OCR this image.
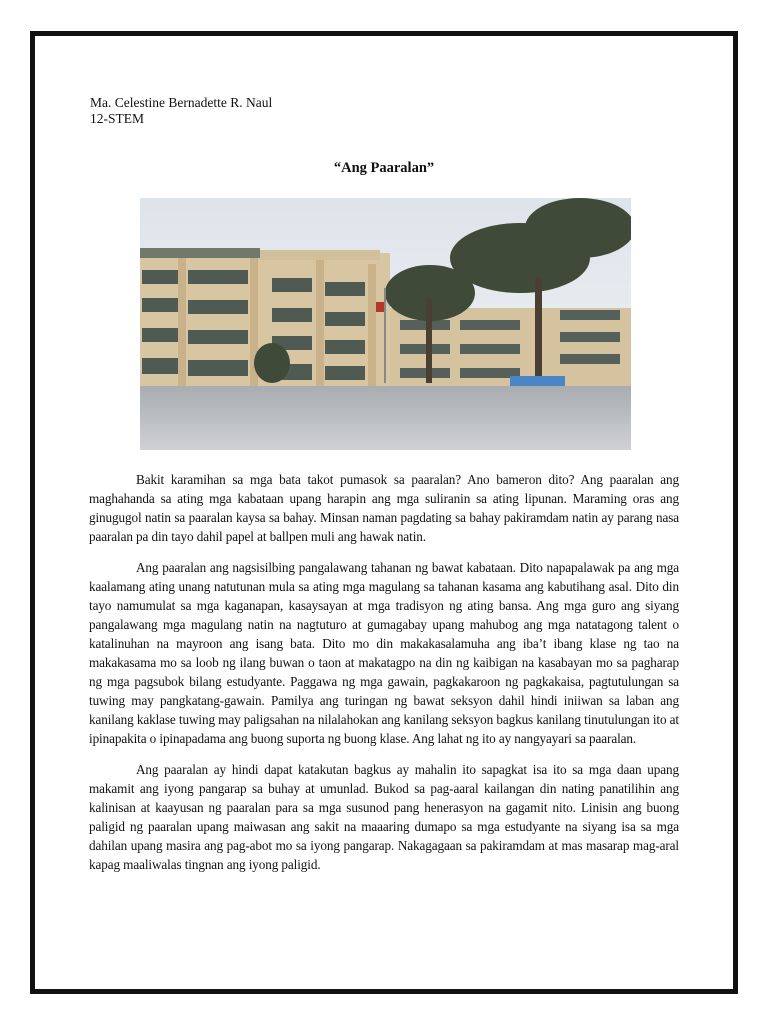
Ma. Celestine Bernadette R. Naul
12-STEM
“Ang Paaralan”

Bakit karamihan sa mga bata takot pumasok sa paaralan? Ano bameron dito? Ang paaralan ang maghahanda sa ating mga kabataan upang harapin ang mga suliranin sa ating lipunan. Maraming oras ang ginugugol natin sa paaralan kaysa sa bahay. Minsan naman pagdating sa bahay pakiramdam natin ay parang nasa paaralan pa din tayo dahil papel at ballpen muli ang hawak natin.

Ang paaralan ang nagsisilbing pangalawang tahanan ng bawat kabataan. Dito napapalawak pa ang mga kaalamang ating unang natutunan mula sa ating mga magulang sa tahanan kasama ang kabutihang asal. Dito din tayo namumulat sa mga kaganapan, kasaysayan at mga tradisyon ng ating bansa. Ang mga guro ang siyang pangalawang mga magulang natin na nagtuturo at gumagabay upang mahubog ang mga natatagong talent o katalinuhan na mayroon ang isang bata. Dito mo din makakasalamuha ang iba’t ibang klase ng tao na makakasama mo sa loob ng ilang buwan o taon at makatagpo na din ng kaibigan na kasabayan mo sa pagharap ng mga pagsubok bilang estudyante. Paggawa ng mga gawain, pagkakaroon ng pagkakaisa, pagtutulungan sa tuwing may pangkatang-gawain. Pamilya ang turingan ng bawat seksyon dahil hindi iniiwan sa laban ang kanilang kaklase tuwing may paligsahan na nilalahokan ang kanilang seksyon bagkus kanilang tinutulungan ito at ipinapakita o ipinapadama ang buong suporta ng buong klase. Ang lahat ng ito ay nangyayari sa paaralan.

Ang paaralan ay hindi dapat katakutan bagkus ay mahalin ito sapagkat isa ito sa mga daan upang makamit ang iyong pangarap sa buhay at umunlad. Bukod sa pag-aaral kailangan din nating panatilihin ang kalinisan at kaayusan ng paaralan para sa mga susunod pang henerasyon na gagamit nito. Linisin ang buong paligid ng paaralan upang maiwasan ang sakit na maaaring dumapo sa mga estudyante na siyang isa sa mga dahilan upang masira ang pag-abot mo sa iyong pangarap. Nakagagaan sa pakiramdam at mas masarap mag-aral kapag maaliwalas tingnan ang iyong paligid.
